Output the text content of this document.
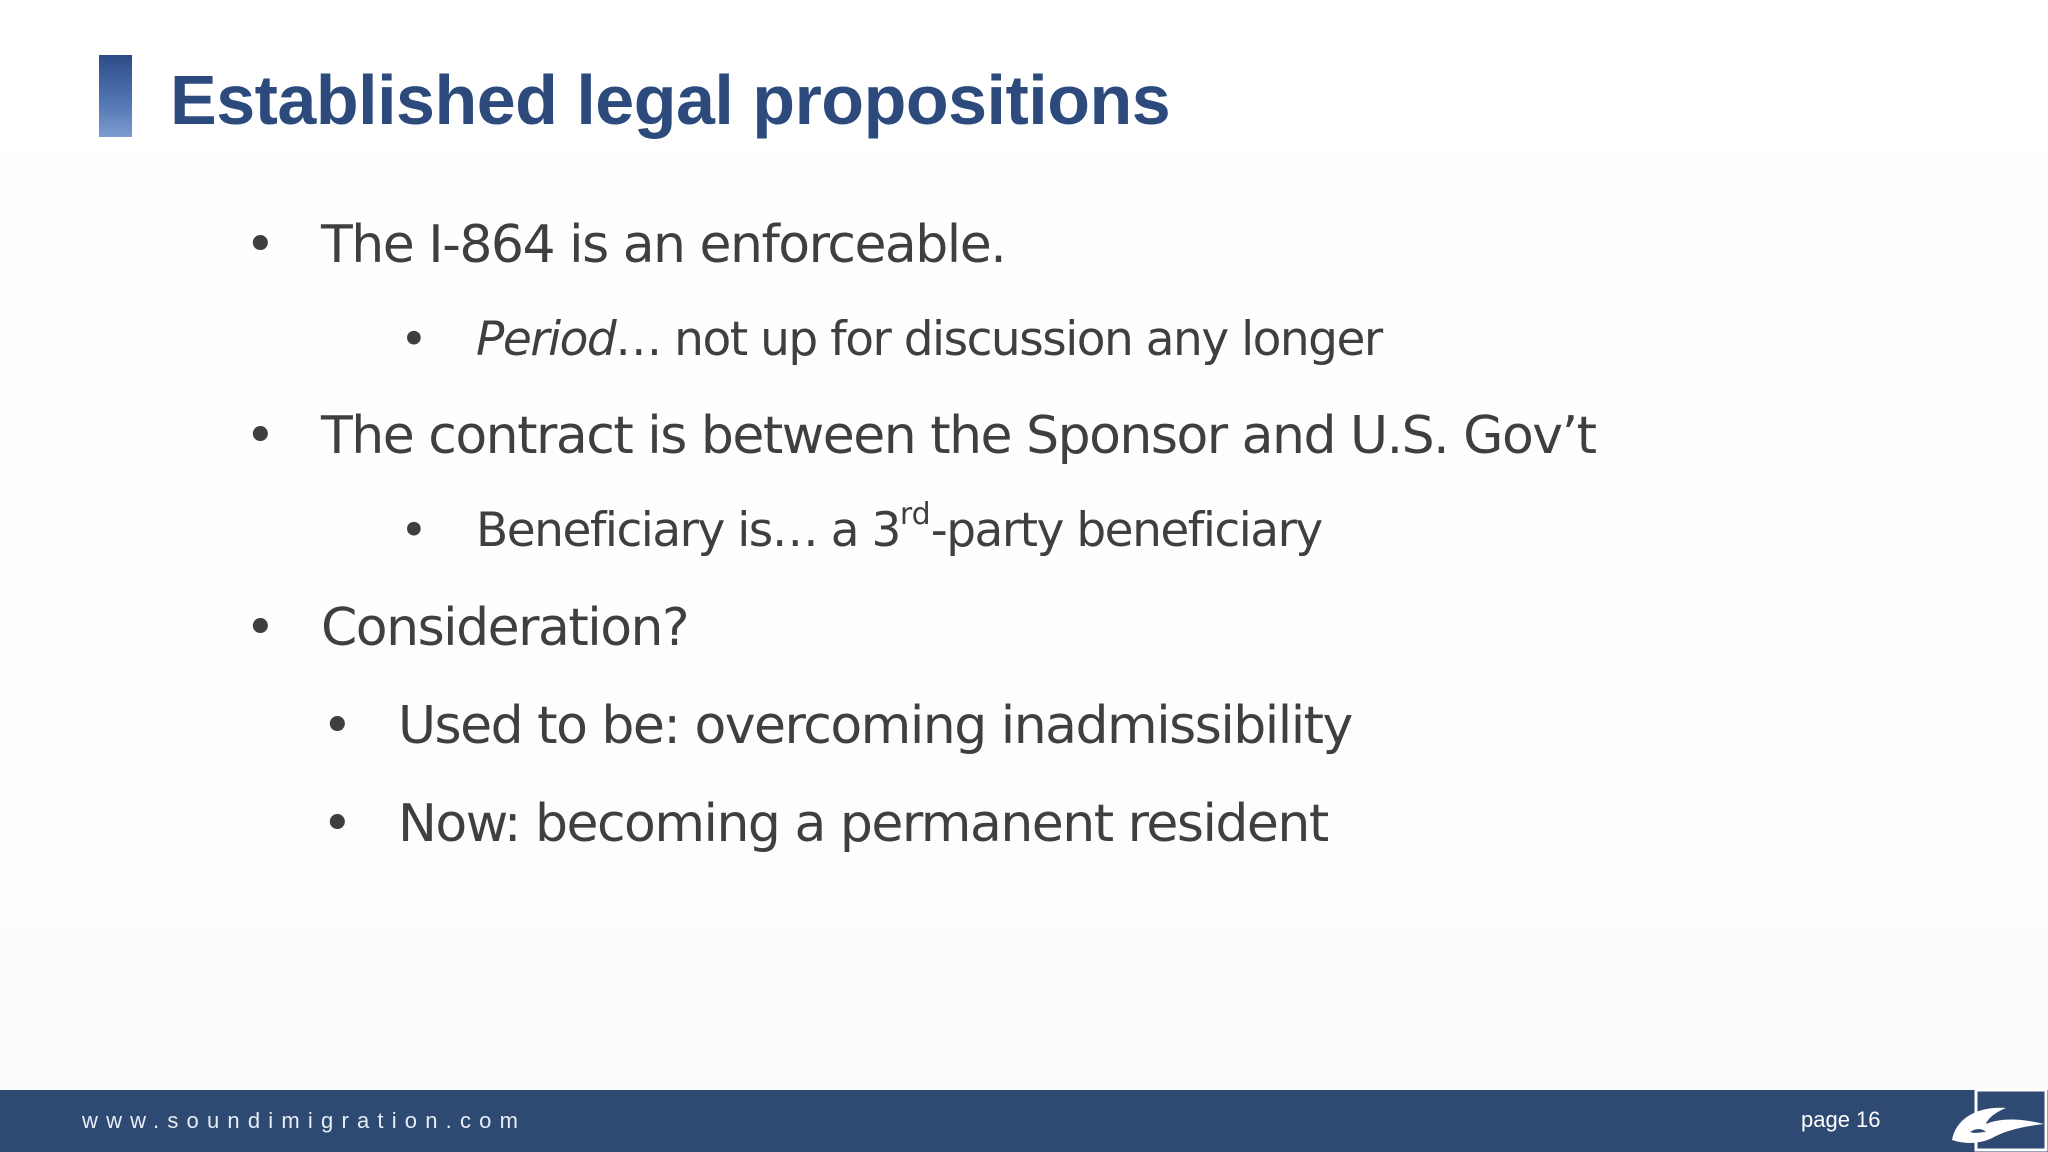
Established legal propositions
• The I-864 is an enforceable.
•	Period… not up for discussion any longer
• The contract is between the Sponsor and U.S. Gov’t
•	Beneficiary is… a 3rd-party beneficiary
• Consideration?
• Used to be: overcoming inadmissibility
• Now: becoming a permanent resident
www.soundimigration.com	page 16
